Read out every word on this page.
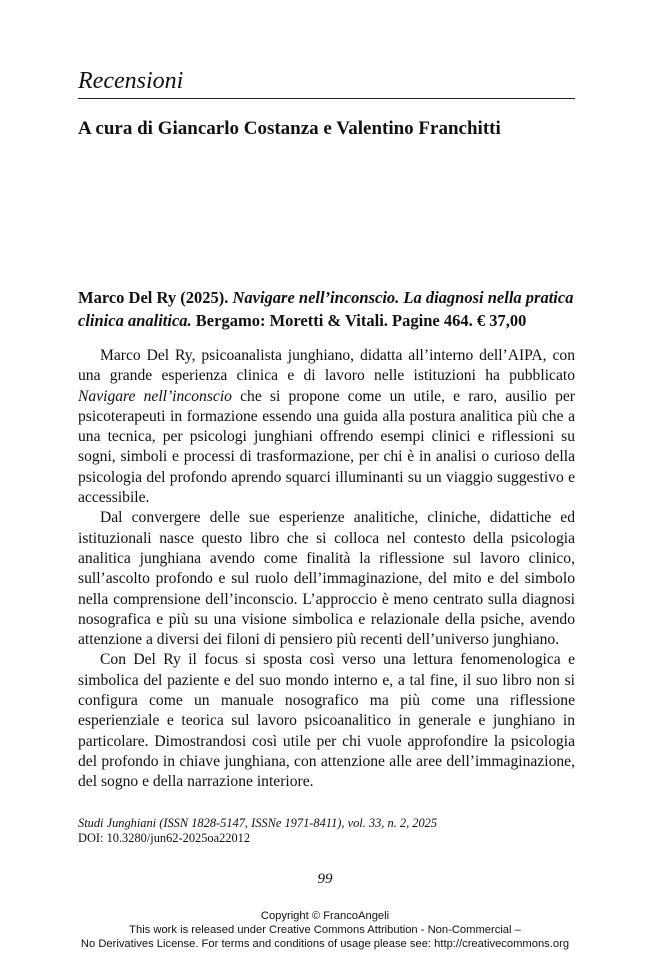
Recensioni
A cura di Giancarlo Costanza e Valentino Franchitti
Marco Del Ry (2025). Navigare nell’inconscio. La diagnosi nella pratica clinica analitica. Bergamo: Moretti & Vitali. Pagine 464. € 37,00

Marco Del Ry, psicoanalista junghiano, didatta all’interno dell’AIPA, con una grande esperienza clinica e di lavoro nelle istituzioni ha pubblicato Navigare nell’inconscio che si propone come un utile, e raro, ausilio per psicoterapeuti in formazione essendo una guida alla postura analitica più che a una tecnica, per psicologi junghiani offrendo esempi clinici e riflessioni su sogni, simboli e processi di trasformazione, per chi è in analisi o curioso della psicologia del profondo aprendo squarci illuminanti su un viaggio suggestivo e accessibile.

Dal convergere delle sue esperienze analitiche, cliniche, didattiche ed istituzionali nasce questo libro che si colloca nel contesto della psicologia analitica junghiana avendo come finalità la riflessione sul lavoro clinico, sull’ascolto profondo e sul ruolo dell’immaginazione, del mito e del simbolo nella comprensione dell’inconscio. L’approccio è meno centrato sulla diagnosi nosografica e più su una visione simbolica e relazionale della psiche, avendo attenzione a diversi dei filoni di pensiero più recenti dell’universo junghiano.

Con Del Ry il focus si sposta così verso una lettura fenomenologica e simbolica del paziente e del suo mondo interno e, a tal fine, il suo libro non si configura come un manuale nosografico ma più come una riflessione esperienziale e teorica sul lavoro psicoanalitico in generale e junghiano in particolare. Dimostrandosi così utile per chi vuole approfondire la psicologia del profondo in chiave junghiana, con attenzione alle aree dell’immaginazione, del sogno e della narrazione interiore.

Studi Junghiani (ISSN 1828-5147, ISSNe 1971-8411), vol. 33, n. 2, 2025
DOI: 10.3280/jun62-2025oa22012
99
Copyright © FrancoAngeli
This work is released under Creative Commons Attribution - Non-Commercial –
No Derivatives License. For terms and conditions of usage please see: http://creativecommons.org
